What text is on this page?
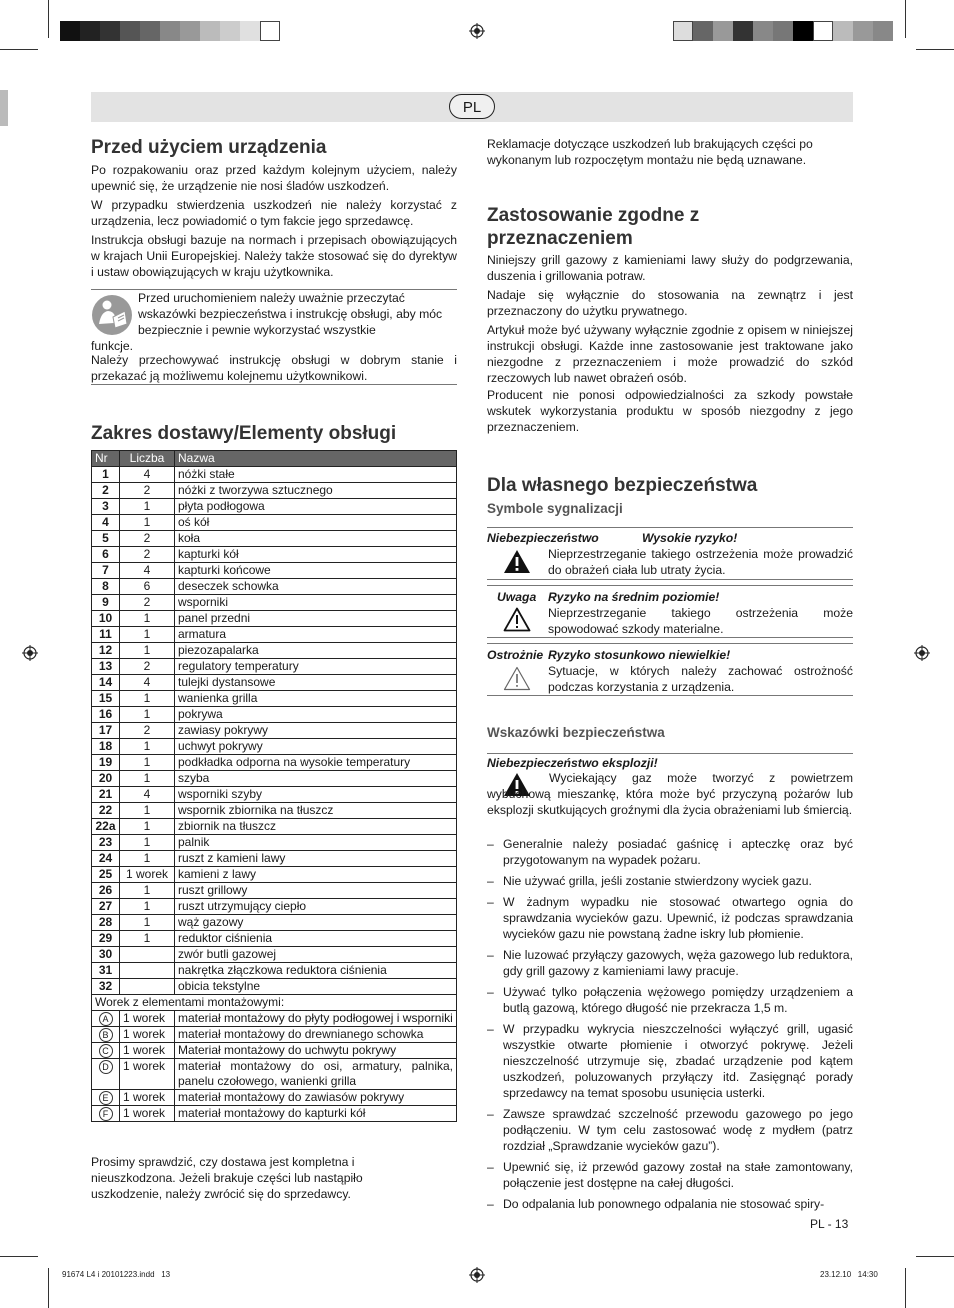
PL
Przed użyciem urządzenia
Po rozpakowaniu oraz przed każdym kolejnym użyciem, należy upewnić się, że urządzenie nie nosi śladów uszkodzeń.
W przypadku stwierdzenia uszkodzeń nie należy korzystać z urządzenia, lecz powiadomić o tym fakcie jego sprzedawcę.
Instrukcja obsługi bazuje na normach i przepisach obowiązujących w krajach Unii Europejskiej. Należy także stosować się do dyrektyw i ustaw obowiązujących w kraju użytkownika.
Przed uruchomieniem należy uważnie przeczytać wskazówki bezpieczeństwa i instrukcję obsługi, aby móc bezpiecznie i pewnie wykorzystać wszystkie
funkcje.
Należy przechowywać instrukcję obsługi w dobrym stanie i przekazać ją możliwemu kolejnemu użytkownikowi.
Zakres dostawy/Elementy obsługi
Nr	Liczba	Nazwa
1	4	nóżki stałe
2	2	nóżki z tworzywa sztucznego
3	1	płyta podłogowa
4	1	oś kół
5	2	koła
6	2	kapturki kół
7	4	kapturki końcowe
8	6	deseczek schowka
9	2	wsporniki
10	1	panel przedni
11	1	armatura
12	1	piezozapalarka
13	2	regulatory temperatury
14	4	tulejki dystansowe
15	1	wanienka grilla
16	1	pokrywa
17	2	zawiasy pokrywy
18	1	uchwyt pokrywy
19	1	podkładka odporna na wysokie temperatury
20	1	szyba
21	4	wsporniki szyby
22	1	wspornik zbiornika na tłuszcz
22a	1	zbiornik na tłuszcz
23	1	palnik
24	1	ruszt z kamieni lawy
25	1 worek	kamieni z lawy
26	1	ruszt grillowy
27	1	ruszt utrzymujący ciepło
28	1	wąż gazowy
29	1	reduktor ciśnienia
30		zwór butli gazowej
31		nakrętka złączkowa reduktora ciśnienia
32		obicia tekstylne
Worek z elementami montażowymi:		
A	1 worek	materiał montażowy do płyty podłogowej i wsporniki
B	1 worek	materiał montażowy do drewnianego schowka
C	1 worek	Materiał montażowy do uchwytu pokrywy
D	1 worek	materiał montażowy do osi, armatury, palnika, panelu czołowego, wanienki grilla
E	1 worek	materiał montażowy do zawiasów pokrywy
F	1 worek	materiał montażowy do kapturki kół
Prosimy sprawdzić, czy dostawa jest kompletna i nieuszkodzona. Jeżeli brakuje części lub nastąpiło uszkodzenie, należy zwrócić się do sprzedawcy.
Reklamacje dotyczące uszkodzeń lub brakujących części po wykonanym lub rozpoczętym montażu nie będą uznawane.
Zastosowanie zgodne z
przeznaczeniem
Niniejszy grill gazowy z kamieniami lawy służy do podgrzewania, duszenia i grillowania potraw.
Nadaje się wyłącznie do stosowania na zewnątrz i jest przeznaczony do użytku prywatnego.
Artykuł może być używany wyłącznie zgodnie z opisem w niniejszej instrukcji obsługi. Każde inne zastosowanie jest traktowane jako niezgodne z przeznaczeniem i może prowadzić do szkód rzeczowych lub nawet obrażeń osób.
Producent nie ponosi odpowiedzialności za szkody powstałe wskutek wykorzystania produktu w sposób niezgodny z jego przeznaczeniem.
Dla własnego bezpieczeństwa
Symbole sygnalizacji
Niebezpieczeństwo	Wysokie ryzyko!
Nieprzestrzeganie takiego ostrzeżenia może prowadzić do obrażeń ciała lub utraty życia.
Uwaga Ryzyko na średnim poziomie!
Nieprzestrzeganie takiego ostrzeżenia może spowodować szkody materialne.
Ostrożnie Ryzyko stosunkowo niewielkie!
Sytuacje, w których należy zachować ostrożność podczas korzystania z urządzenia.
Wskazówki bezpieczeństwa
Niebezpieczeństwo eksplozji!
Wyciekający gaz może tworzyć z powietrzem wybuchową mieszankę, która może być przyczyną pożarów lub eksplozji skutkujących groźnymi dla życia obrażeniami lub śmiercią.
– Generalnie należy posiadać gaśnicę i apteczkę oraz być przygotowanym na wypadek pożaru.
– Nie używać grilla, jeśli zostanie stwierdzony wyciek gazu.
– W żadnym wypadku nie stosować otwartego ognia do sprawdzania wycieków gazu. Upewnić, iż podczas sprawdzania wycieków gazu nie powstaną żadne iskry lub płomienie.
– Nie luzować przyłączy gazowych, węża gazowego lub reduktora, gdy grill gazowy z kamieniami lawy pracuje.
– Używać tylko połączenia wężowego pomiędzy urządzeniem a butlą gazową, którego długość nie przekracza 1,5 m.
– W przypadku wykrycia nieszczelności wyłączyć grill, ugasić wszystkie otwarte płomienie i otworzyć pokrywę. Jeżeli nieszczelność utrzymuje się, zbadać urządzenie pod kątem uszkodzeń, poluzowanych przyłączy itd. Zasięgnąć porady sprzedawcy na temat sposobu usunięcia usterki.
– Zawsze sprawdzać szczelność przewodu gazowego po jego podłączeniu. W tym celu zastosować wodę z mydłem (patrz rozdział „Sprawdzanie wycieków gazu”).
– Upewnić się, iż przewód gazowy został na stałe zamontowany, połączenie jest dostępne na całej długości.
– Do odpalania lub ponownego odpalania nie stosować spiry-
PL - 13
91674 L4 i 20101223.indd   13	23.12.10   14:30
